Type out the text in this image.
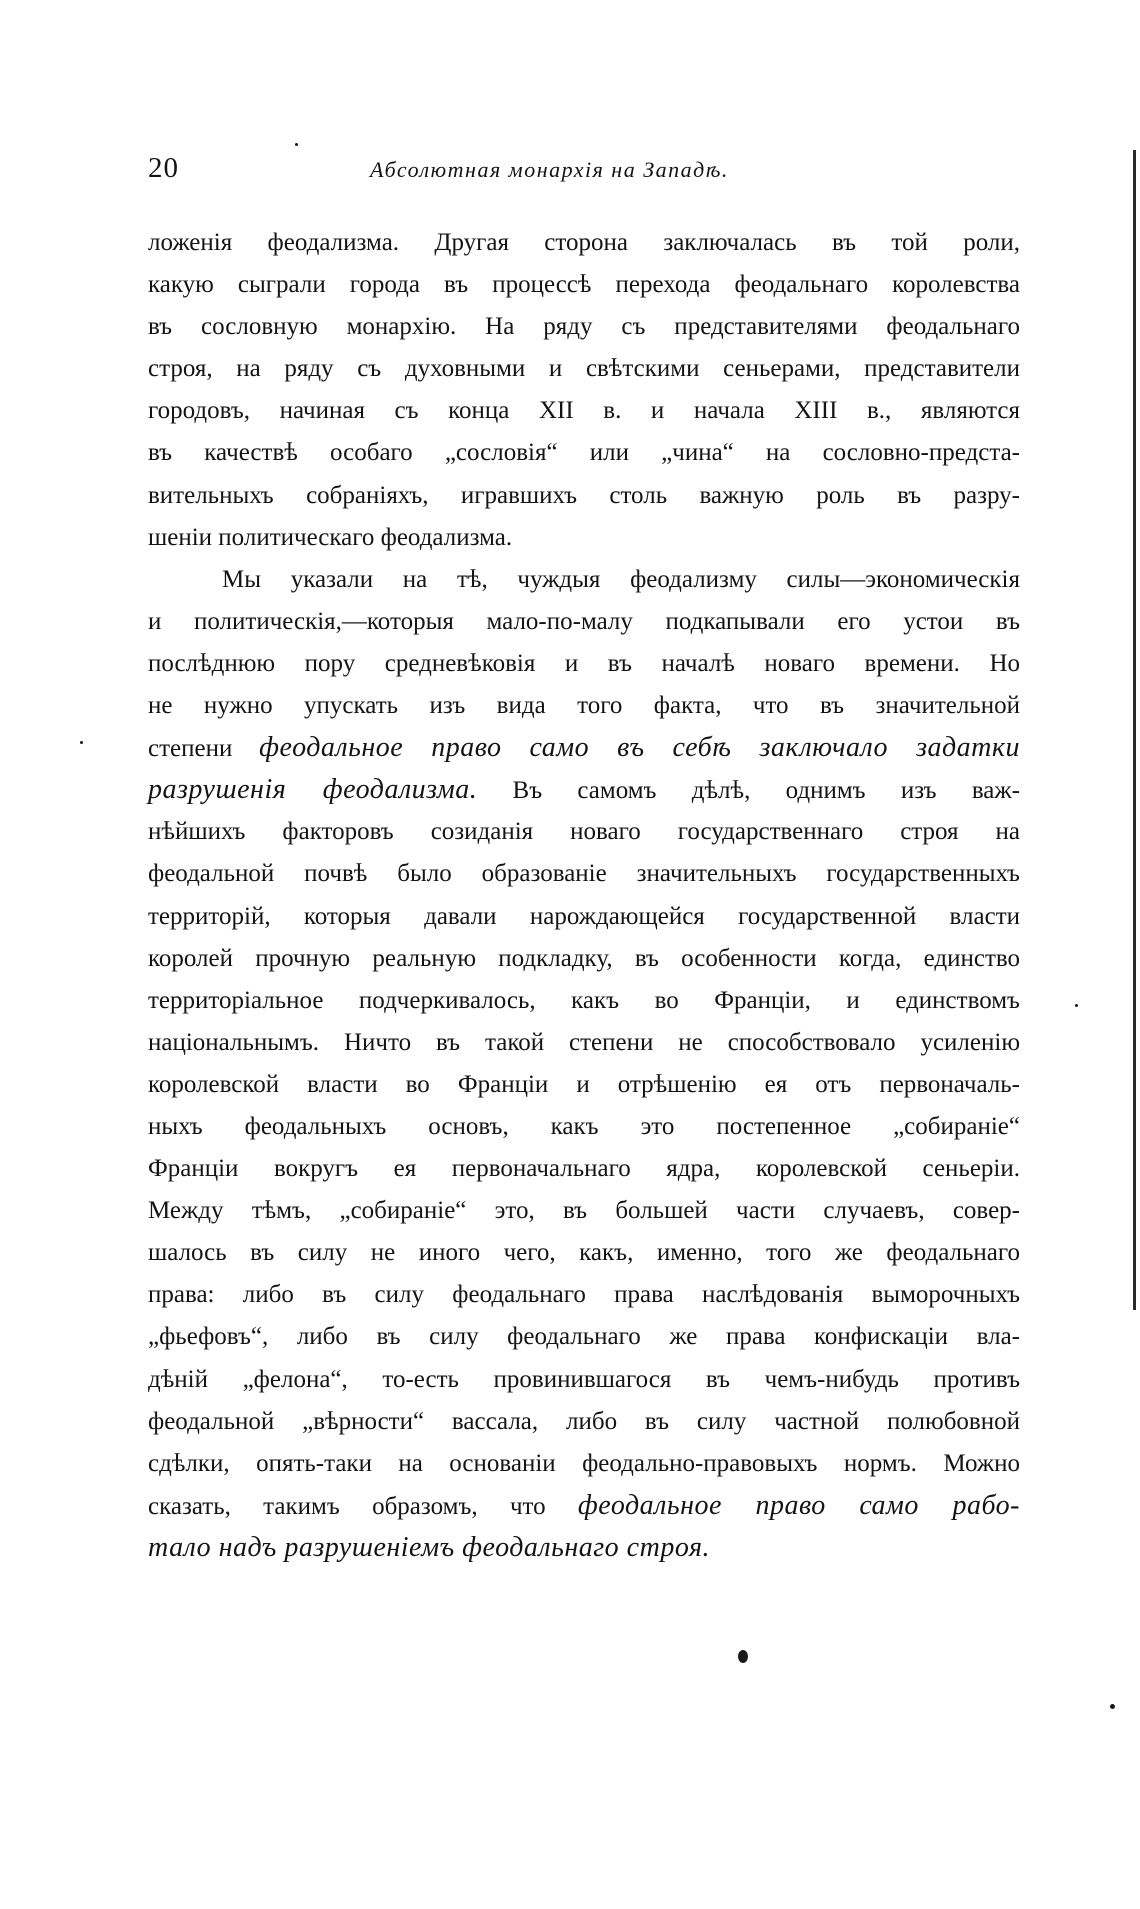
20	Абсолютная монархія на Западѣ.
ложенія феодализма. Другая сторона заключалась въ той роли,
какую сыграли города въ процессѣ перехода феодальнаго королевства
въ сословную монархію. На ряду съ представителями феодальнаго
строя, на ряду съ духовными и свѣтскими сеньерами, представители
городовъ, начиная съ конца XII в. и начала XIII в., являются
въ качествѣ особаго „сословія“ или „чина“ на сословно-предста-
вительныхъ собраніяхъ, игравшихъ столь важную роль въ разру-
шеніи политическаго феодализма.
Мы указали на тѣ, чуждыя феодализму силы—экономическія
и политическія,—которыя мало-по-малу подкапывали его устои въ
послѣднюю пору средневѣковія и въ началѣ новаго времени. Но
не нужно упускать изъ вида того факта, что въ значительной
степени феодальное право само въ себѣ заключало задатки
разрушенія феодализма. Въ самомъ дѣлѣ, однимъ изъ важ-
нѣйшихъ факторовъ созиданія новаго государственнаго строя на
феодальной почвѣ было образованіе значительныхъ государственныхъ
территорій, которыя давали нарождающейся государственной власти
королей прочную реальную подкладку, въ особенности когда, единство
территоріальное подчеркивалось, какъ во Франціи, и единствомъ
національнымъ. Ничто въ такой степени не способствовало усиленію
королевской власти во Франціи и отрѣшенію ея отъ первоначаль-
ныхъ феодальныхъ основъ, какъ это постепенное „собираніе“
Франціи вокругъ ея первоначальнаго ядра, королевской сеньеріи.
Между тѣмъ, „собираніе“ это, въ большей части случаевъ, совер-
шалось въ силу не иного чего, какъ, именно, того же феодальнаго
права: либо въ силу феодальнаго права наслѣдованія выморочныхъ
„фьефовъ“, либо въ силу феодальнаго же права конфискаціи вла-
дѣній „фелона“, то-есть провинившагося въ чемъ-нибудь противъ
феодальной „вѣрности“ вассала, либо въ силу частной полюбовной
сдѣлки, опять-таки на основаніи феодально-правовыхъ нормъ. Можно
сказать, такимъ образомъ, что феодальное право само рабо-
тало надъ разрушеніемъ феодальнаго строя.
